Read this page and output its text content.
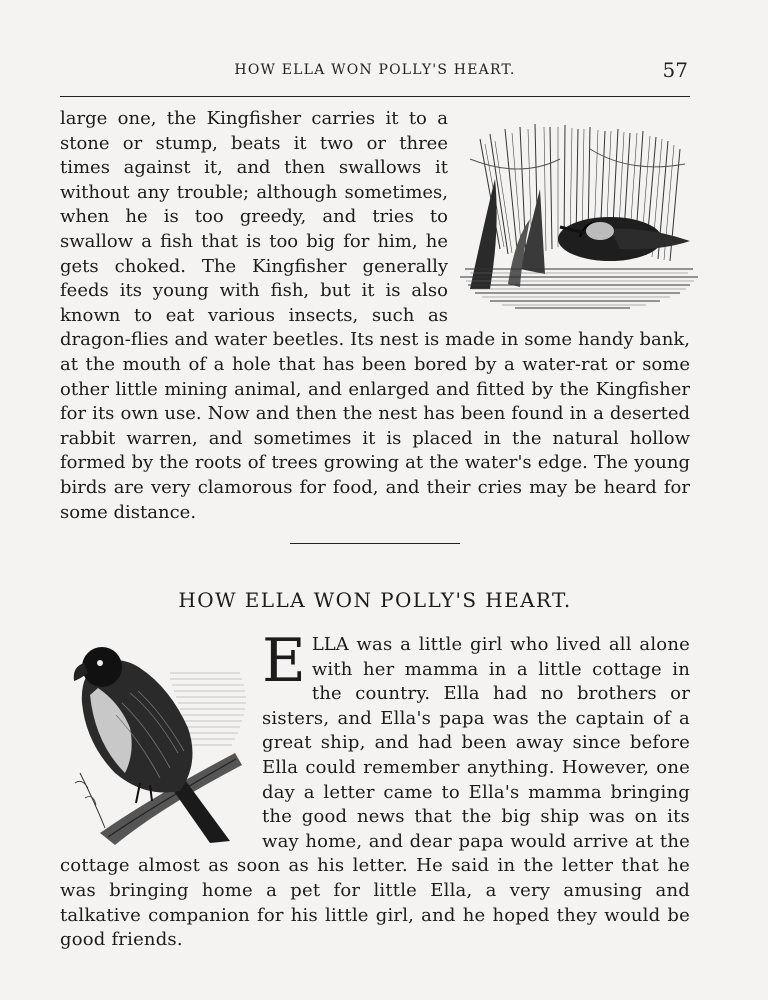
HOW ELLA WON POLLY'S HEART.	57
large one, the Kingfisher carries it to a stone or stump, beats it two or three times against it, and then swallows it without any trouble; although sometimes, when he is too greedy, and tries to swallow a fish that is too big for him, he gets choked. The Kingfisher generally feeds its young with fish, but it is also known to eat various insects, such as dragon-flies and water beetles. Its nest is made in some handy bank, at the mouth of a hole that has been bored by a water-rat or some other little mining animal, and enlarged and fitted by the Kingfisher for its own use. Now and then the nest has been found in a deserted rabbit warren, and sometimes it is placed in the natural hollow formed by the roots of trees growing at the water's edge. The young birds are very clamorous for food, and their cries may be heard for some distance.
HOW ELLA WON POLLY'S HEART.
E LLA was a little girl who lived all alone with her mamma in a little cottage in the country. Ella had no brothers or sisters, and Ella's papa was the captain of a great ship, and had been away since before Ella could remember anything. However, one day a letter came to Ella's mamma bringing the good news that the big ship was on its way home, and dear papa would arrive at the cottage almost as soon as his letter. He said in the letter that he was bringing home a pet for little Ella, a very amusing and talkative companion for his little girl, and he hoped they would be good friends.
